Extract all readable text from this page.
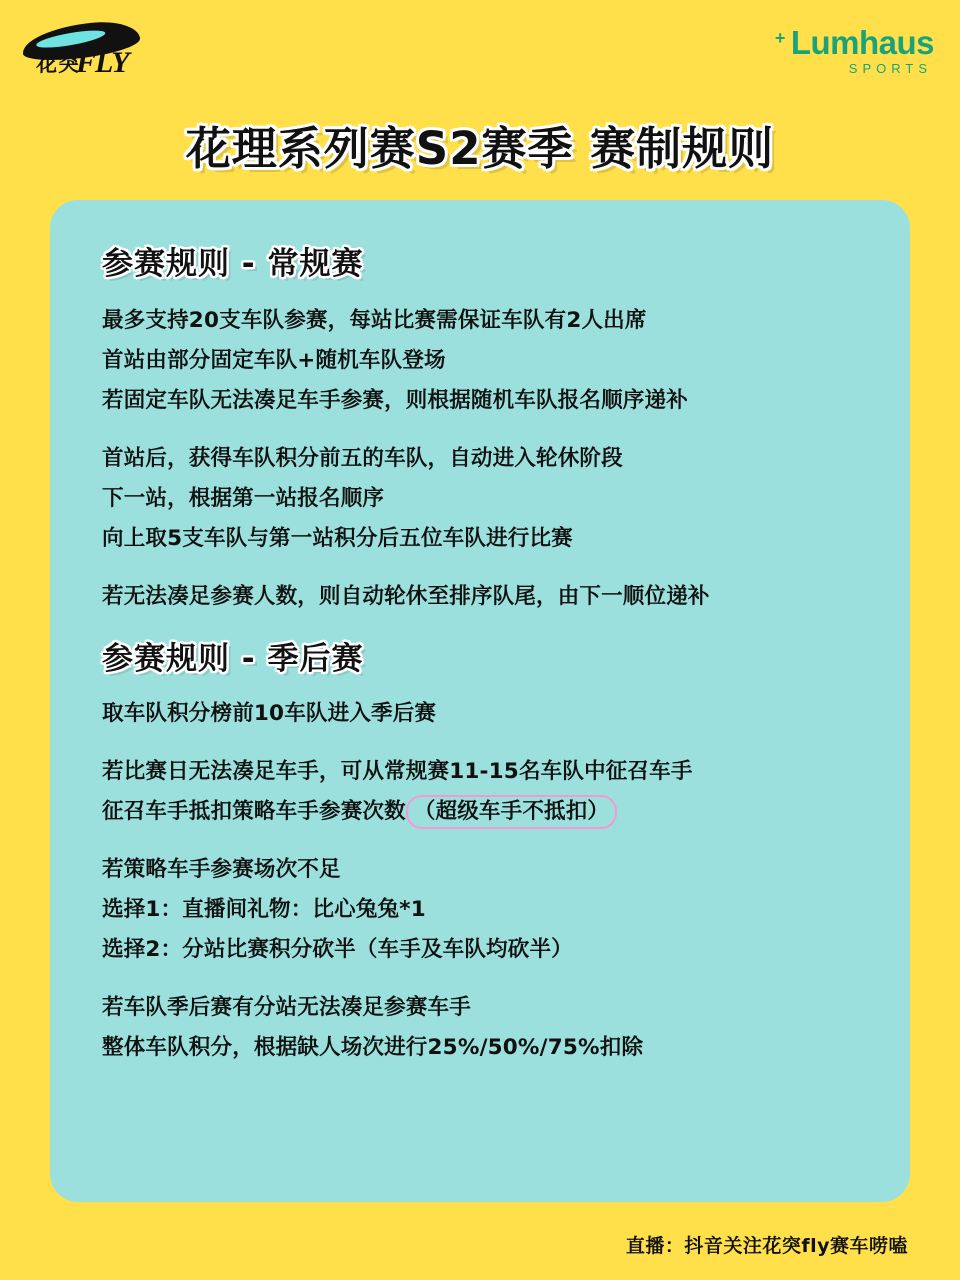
花突
FLY
+ Lumhaus
SPORTS
花理系列赛S2赛季 赛制规则
参赛规则 - 常规赛

最多支持20支车队参赛，每站比赛需保证车队有2人出席

首站由部分固定车队+随机车队登场

若固定车队无法凑足车手参赛，则根据随机车队报名顺序递补

首站后，获得车队积分前五的车队，自动进入轮休阶段

下一站，根据第一站报名顺序

向上取5支车队与第一站积分后五位车队进行比赛

若无法凑足参赛人数，则自动轮休至排序队尾，由下一顺位递补

参赛规则 - 季后赛

取车队积分榜前10车队进入季后赛

若比赛日无法凑足车手，可从常规赛11-15名车队中征召车手

征召车手抵扣策略车手参赛次数 （超级车手不抵扣）

若策略车手参赛场次不足

选择1：直播间礼物：比心兔兔*1

选择2：分站比赛积分砍半（车手及车队均砍半）

若车队季后赛有分站无法凑足参赛车手

整体车队积分，根据缺人场次进行25%/50%/75%扣除

直播：抖音关注花突fly赛车唠嗑
